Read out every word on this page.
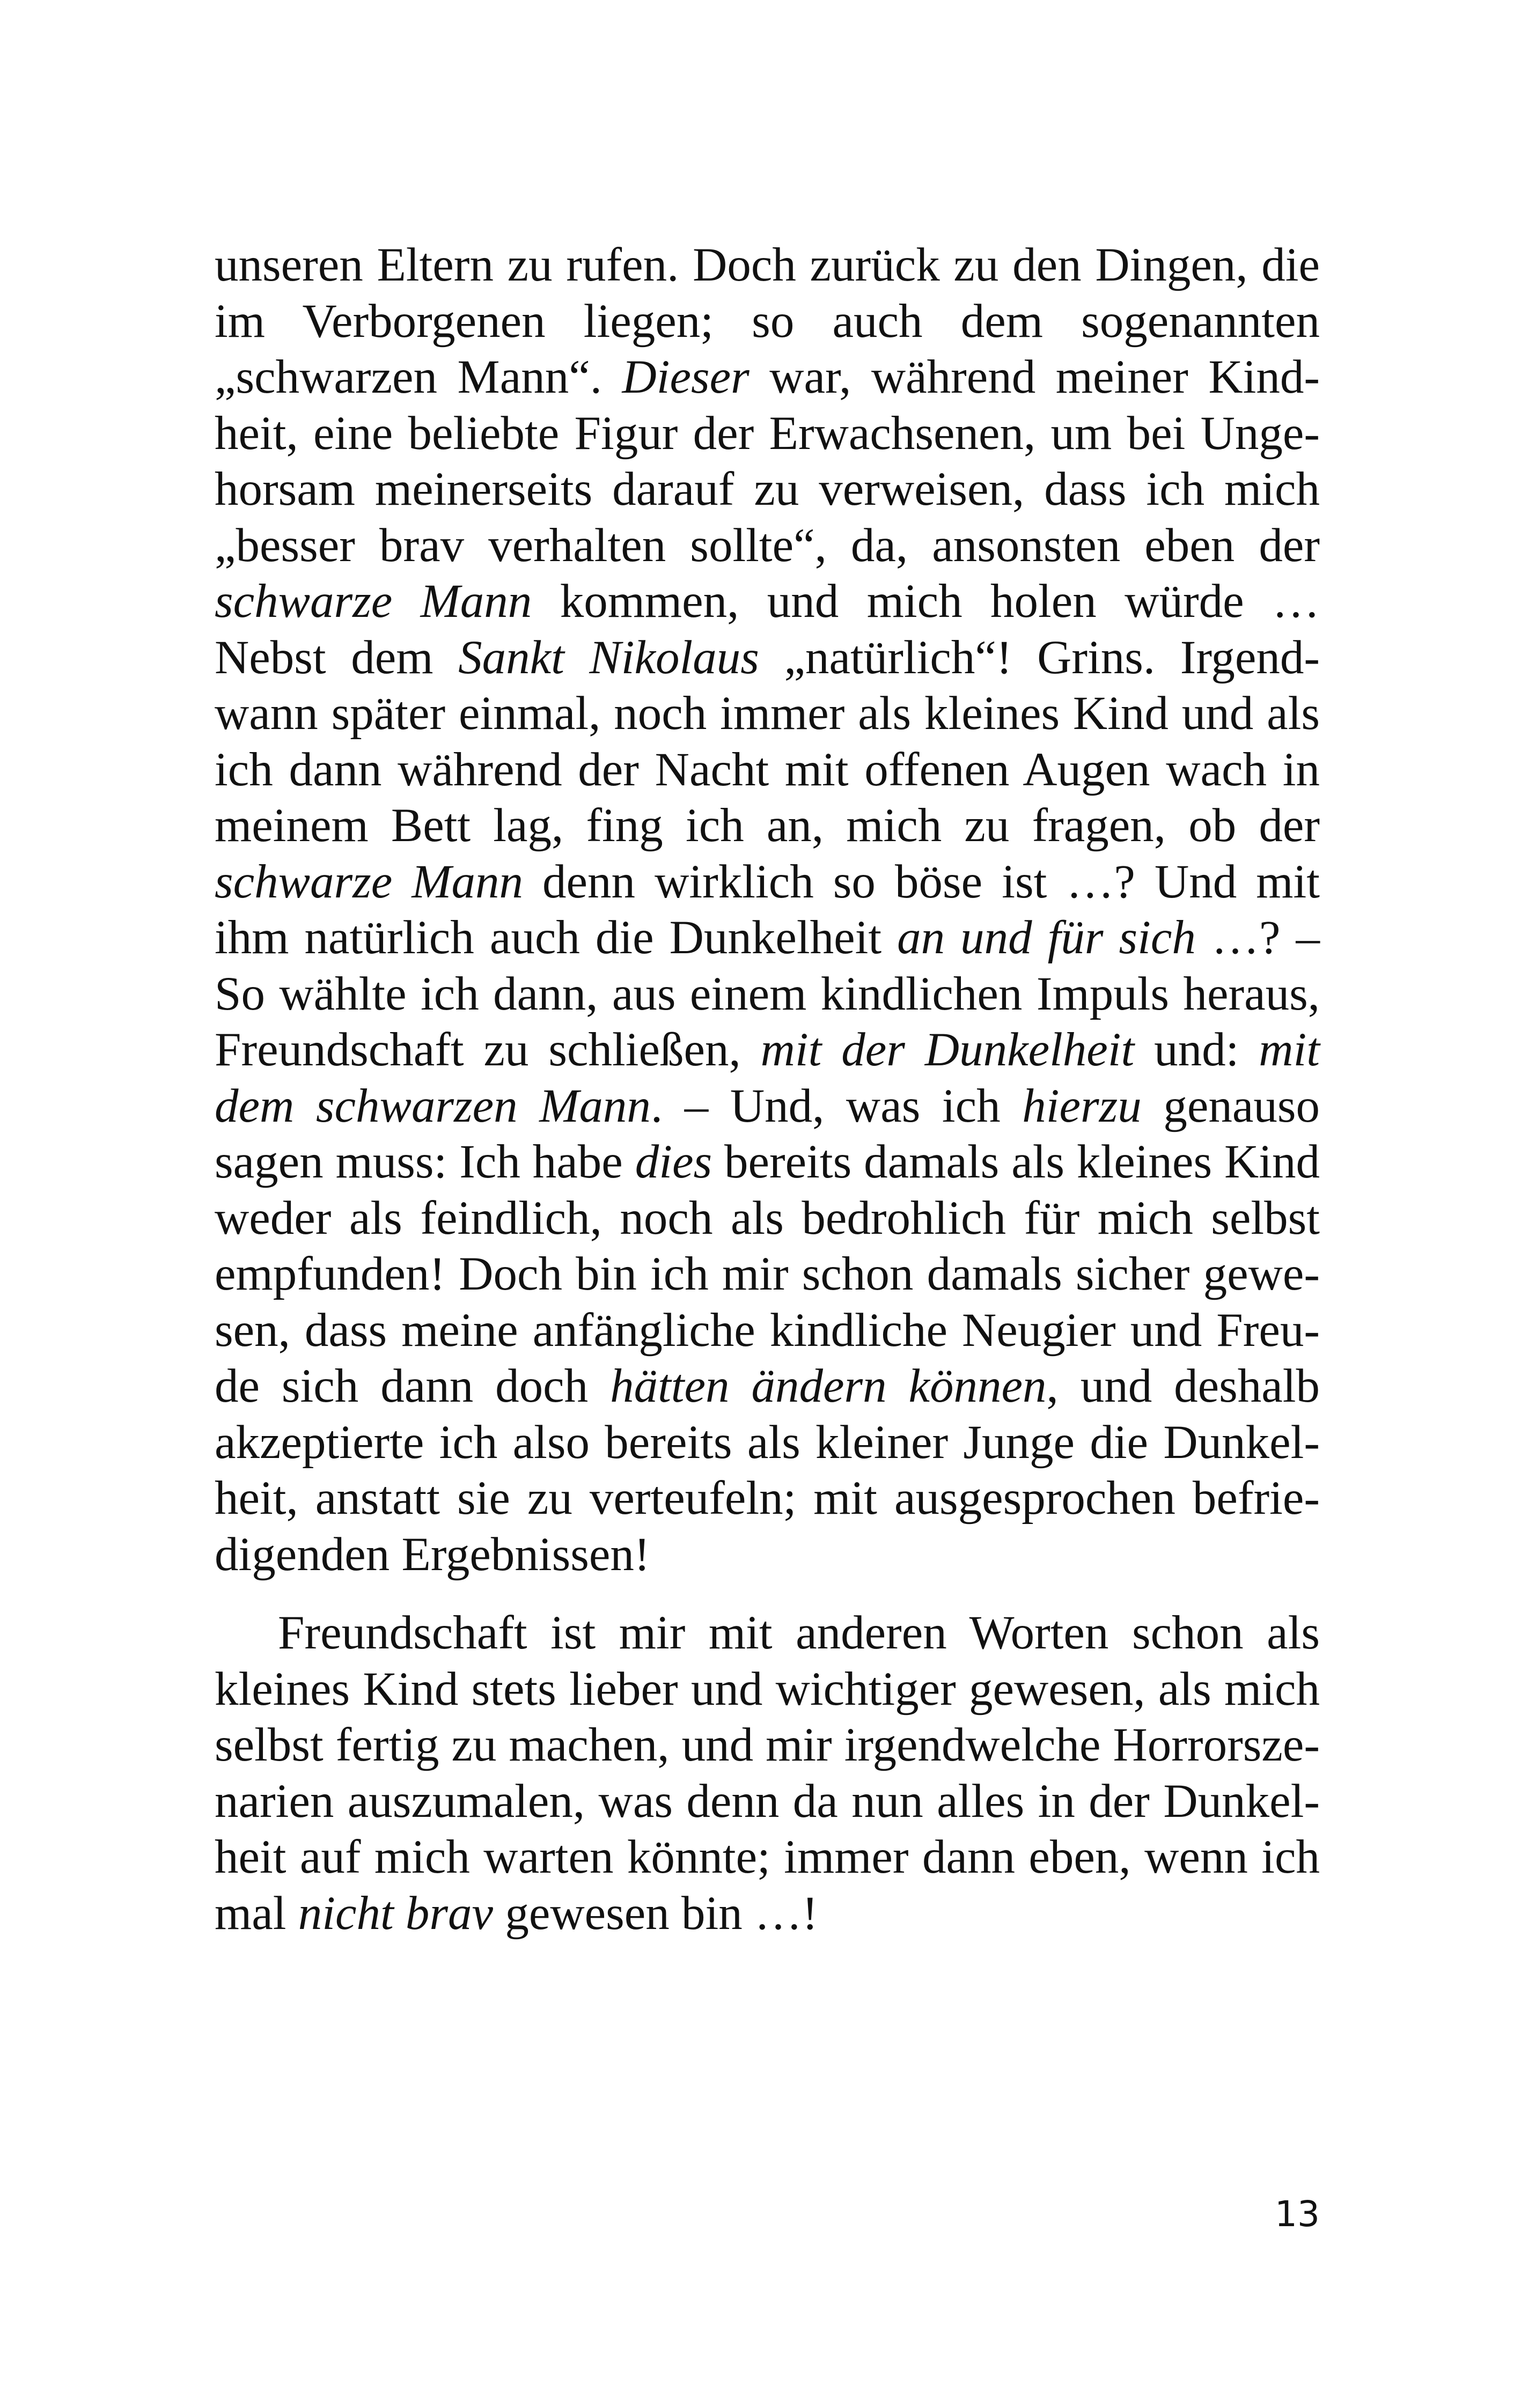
unseren Eltern zu rufen. Doch zurück zu den Dingen, die
im Verborgenen liegen; so auch dem sogenannten
„schwarzen Mann“. Dieser war, während meiner Kind-
heit, eine beliebte Figur der Erwachsenen, um bei Unge-
horsam meinerseits darauf zu verweisen, dass ich mich
„besser brav verhalten sollte“, da, ansonsten eben der
schwarze Mann kommen, und mich holen würde …
Nebst dem Sankt Nikolaus „natürlich“! Grins. Irgend-
wann später einmal, noch immer als kleines Kind und als
ich dann während der Nacht mit offenen Augen wach in
meinem Bett lag, fing ich an, mich zu fragen, ob der
schwarze Mann denn wirklich so böse ist …? Und mit
ihm natürlich auch die Dunkelheit an und für sich …? –
So wählte ich dann, aus einem kindlichen Impuls heraus,
Freundschaft zu schließen, mit der Dunkelheit und: mit
dem schwarzen Mann. – Und, was ich hierzu genauso
sagen muss: Ich habe dies bereits damals als kleines Kind
weder als feindlich, noch als bedrohlich für mich selbst
empfunden! Doch bin ich mir schon damals sicher gewe-
sen, dass meine anfängliche kindliche Neugier und Freu-
de sich dann doch hätten ändern können, und deshalb
akzeptierte ich also bereits als kleiner Junge die Dunkel-
heit, anstatt sie zu verteufeln; mit ausgesprochen befrie-
digenden Ergebnissen!
Freundschaft ist mir mit anderen Worten schon als
kleines Kind stets lieber und wichtiger gewesen, als mich
selbst fertig zu machen, und mir irgendwelche Horrorsze-
narien auszumalen, was denn da nun alles in der Dunkel-
heit auf mich warten könnte; immer dann eben, wenn ich
mal nicht brav gewesen bin …!
13
